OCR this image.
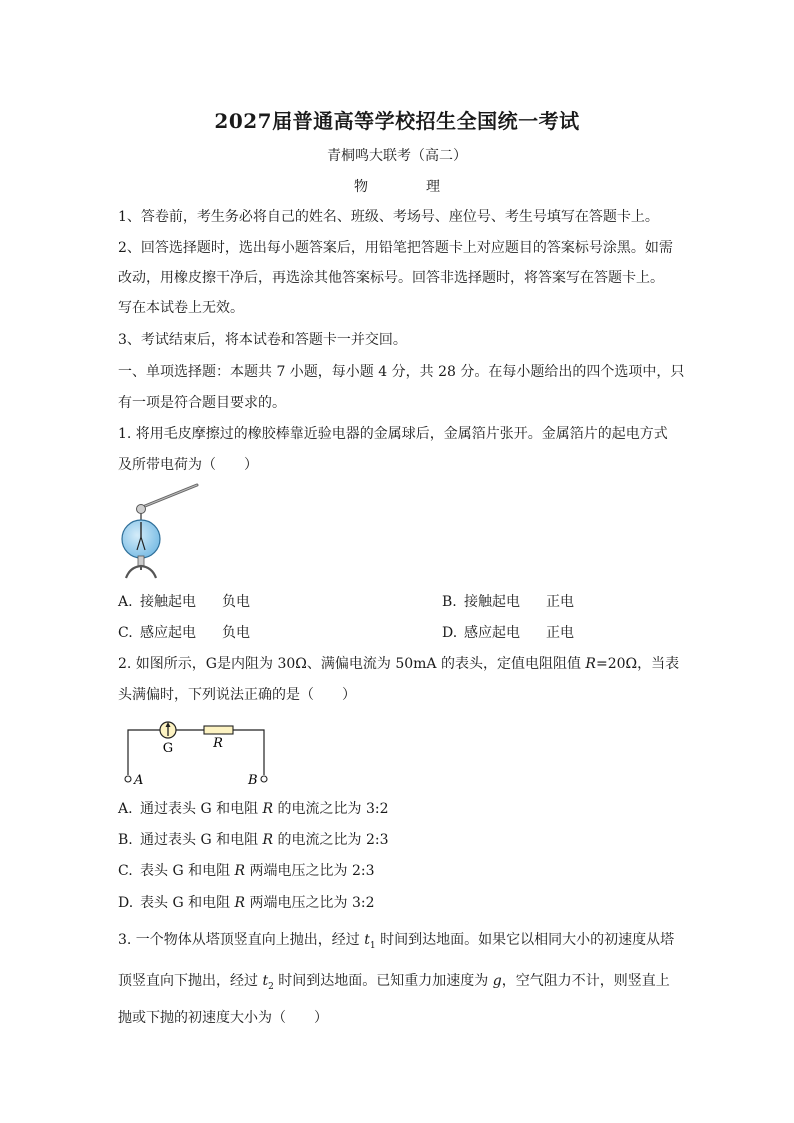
2027届普通高等学校招生全国统一考试
青桐鸣大联考（高二）
物	理
1、答卷前，考生务必将自己的姓名、班级、考场号、座位号、考生号填写在答题卡上。
2、回答选择题时，选出每小题答案后，用铅笔把答题卡上对应题目的答案标号涂黑。如需
改动，用橡皮擦干净后，再选涂其他答案标号。回答非选择题时，将答案写在答题卡上。
写在本试卷上无效。
3、考试结束后，将本试卷和答题卡一并交回。
一、单项选择题：本题共 7 小题，每小题 4 分，共 28 分。在每小题给出的四个选项中，只
有一项是符合题目要求的。
1. 将用毛皮摩擦过的橡胶棒靠近验电器的金属球后，金属箔片张开。金属箔片的起电方式
及所带电荷为（　　）
A. 接触起电 负电	B. 接触起电 正电
C. 感应起电 负电	D. 感应起电 正电
2. 如图所示，G是内阻为 30Ω、满偏电流为 50mA 的表头，定值电阻阻值 R=20Ω，当表
头满偏时，下列说法正确的是（　　）
G	R
A	B
A. 通过表头 G 和电阻 R 的电流之比为 3:2
B. 通过表头 G 和电阻 R 的电流之比为 2:3
C. 表头 G 和电阻 R 两端电压之比为 2:3
D. 表头 G 和电阻 R 两端电压之比为 3:2
3. 一个物体从塔顶竖直向上抛出，经过 $t_1$ 时间到达地面。如果它以相同大小的初速度从塔
顶竖直向下抛出，经过 $t_2$ 时间到达地面。已知重力加速度为 g，空气阻力不计，则竖直上
抛或下抛的初速度大小为（　　）
